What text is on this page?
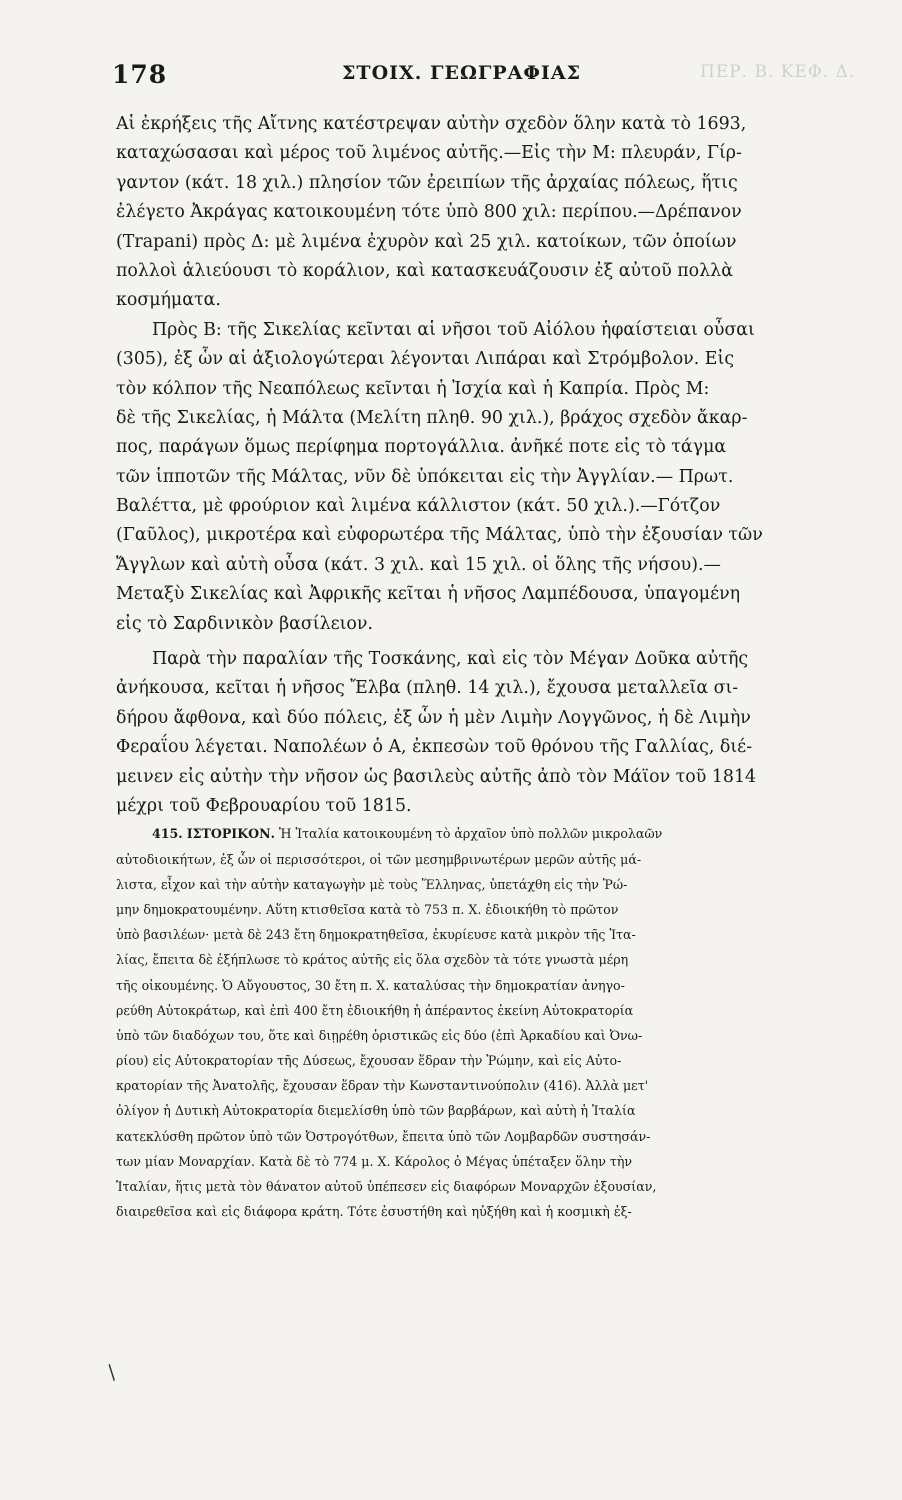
ΠΕΡ. Β. ΚΕΦ. Δ.
178	ΣΤΟΙΧ. ΓΕΩΓΡΑΦΙΑΣ
Αἱ ἐκρήξεις τῆς Αἴτνης κατέστρεψαν αὐτὴν σχεδὸν ὅλην κατὰ τὸ 1693,
καταχώσασαι καὶ μέρος τοῦ λιμένος αὐτῆς.—Εἰς τὴν Μ: πλευράν, Γίρ-
γαντον (κάτ. 18 χιλ.) πλησίον τῶν ἐρειπίων τῆς ἀρχαίας πόλεως, ἥτις
ἐλέγετο Ἀκράγας κατοικουμένη τότε ὑπὸ 800 χιλ: περίπου.—Δρέπανον
(Trapani) πρὸς Δ: μὲ λιμένα ἐχυρὸν καὶ 25 χιλ. κατοίκων, τῶν ὁποίων
πολλοὶ ἁλιεύουσι τὸ κοράλιον, καὶ κατασκευάζουσιν ἐξ αὐτοῦ πολλὰ
κοσμήματα.
Πρὸς Β: τῆς Σικελίας κεῖνται αἱ νῆσοι τοῦ Αἰόλου ἡφαίστειαι οὖσαι
(305), ἐξ ὧν αἱ ἀξιολογώτεραι λέγονται Λιπάραι καὶ Στρόμβολον. Εἰς
τὸν κόλπον τῆς Νεαπόλεως κεῖνται ἡ Ἰσχία καὶ ἡ Καπρία. Πρὸς Μ:
δὲ τῆς Σικελίας, ἡ Μάλτα (Μελίτη πληθ. 90 χιλ.), βράχος σχεδὸν ἄκαρ-
πος, παράγων ὅμως περίφημα πορτογάλλια. ἀνῆκέ ποτε εἰς τὸ τάγμα
τῶν ἱπποτῶν τῆς Μάλτας, νῦν δὲ ὑπόκειται εἰς τὴν Ἀγγλίαν.— Πρωτ.
Βαλέττα, μὲ φρούριον καὶ λιμένα κάλλιστον (κάτ. 50 χιλ.).—Γότζον
(Γαῦλος), μικροτέρα καὶ εὐφορωτέρα τῆς Μάλτας, ὑπὸ τὴν ἐξουσίαν τῶν
Ἄγγλων καὶ αὐτὴ οὖσα (κάτ. 3 χιλ. καὶ 15 χιλ. οἱ ὅλης τῆς νήσου).—
Μεταξὺ Σικελίας καὶ Ἀφρικῆς κεῖται ἡ νῆσος Λαμπέδουσα, ὑπαγομένη
εἰς τὸ Σαρδινικὸν βασίλειον.
Παρὰ τὴν παραλίαν τῆς Τοσκάνης, καὶ εἰς τὸν Μέγαν Δοῦκα αὐτῆς
ἀνήκουσα, κεῖται ἡ νῆσος Ἔλβα (πληθ. 14 χιλ.), ἔχουσα μεταλλεῖα σι-
δήρου ἄφθονα, καὶ δύο πόλεις, ἐξ ὧν ἡ μὲν Λιμὴν Λογγῶνος, ἡ δὲ Λιμὴν
Φεραΐου λέγεται. Ναπολέων ὁ Α, ἐκπεσὼν τοῦ θρόνου τῆς Γαλλίας, διέ-
μεινεν εἰς αὐτὴν τὴν νῆσον ὡς βασιλεὺς αὐτῆς ἀπὸ τὸν Μάϊον τοῦ 1814
μέχρι τοῦ Φεβρουαρίου τοῦ 1815.
415. ΙΣΤΟΡΙΚΟΝ. Ἡ Ἰταλία κατοικουμένη τὸ ἀρχαῖον ὑπὸ πολλῶν μικρολαῶν
αὐτοδιοικήτων, ἐξ ὧν οἱ περισσότεροι, οἱ τῶν μεσημβρινωτέρων μερῶν αὐτῆς μά-
λιστα, εἶχον καὶ τὴν αὐτὴν καταγωγὴν μὲ τοὺς Ἕλληνας, ὑπετάχθη εἰς τὴν Ῥώ-
μην δημοκρατουμένην. Αὕτη κτισθεῖσα κατὰ τὸ 753 π. Χ. ἐδιοικήθη τὸ πρῶτον
ὑπὸ βασιλέων· μετὰ δὲ 243 ἔτη δημοκρατηθεῖσα, ἐκυρίευσε κατὰ μικρὸν τῆς Ἰτα-
λίας, ἔπειτα δὲ ἐξήπλωσε τὸ κράτος αὐτῆς εἰς ὅλα σχεδὸν τὰ τότε γνωστὰ μέρη
τῆς οἰκουμένης. Ὁ Αὔγουστος, 30 ἔτη π. Χ. καταλύσας τὴν δημοκρατίαν ἀνηγο-
ρεύθη Αὐτοκράτωρ, καὶ ἐπὶ 400 ἔτη ἐδιοικήθη ἡ ἀπέραντος ἐκείνη Αὐτοκρατορία
ὑπὸ τῶν διαδόχων του, ὅτε καὶ διῃρέθη ὁριστικῶς εἰς δύο (ἐπὶ Ἀρκαδίου καὶ Ὀνω-
ρίου) εἰς Αὐτοκρατορίαν τῆς Δύσεως, ἔχουσαν ἕδραν τὴν Ῥώμην, καὶ εἰς Αὐτο-
κρατορίαν τῆς Ἀνατολῆς, ἔχουσαν ἕδραν τὴν Κωνσταντινούπολιν (416). Ἀλλὰ μετ'
ὀλίγον ἡ Δυτικὴ Αὐτοκρατορία διεμελίσθη ὑπὸ τῶν βαρβάρων, καὶ αὐτὴ ἡ Ἰταλία
κατεκλύσθη πρῶτον ὑπὸ τῶν Ὀστρογότθων, ἔπειτα ὑπὸ τῶν Λομβαρδῶν συστησάν-
των μίαν Μοναρχίαν. Κατὰ δὲ τὸ 774 μ. Χ. Κάρολος ὁ Μέγας ὑπέταξεν ὅλην τὴν
Ἰταλίαν, ἥτις μετὰ τὸν θάνατον αὐτοῦ ὑπέπεσεν εἰς διαφόρων Μοναρχῶν ἐξουσίαν,
διαιρεθεῖσα καὶ εἰς διάφορα κράτη. Τότε ἐσυστήθη καὶ ηὐξήθη καὶ ἡ κοσμικὴ ἐξ-
/
